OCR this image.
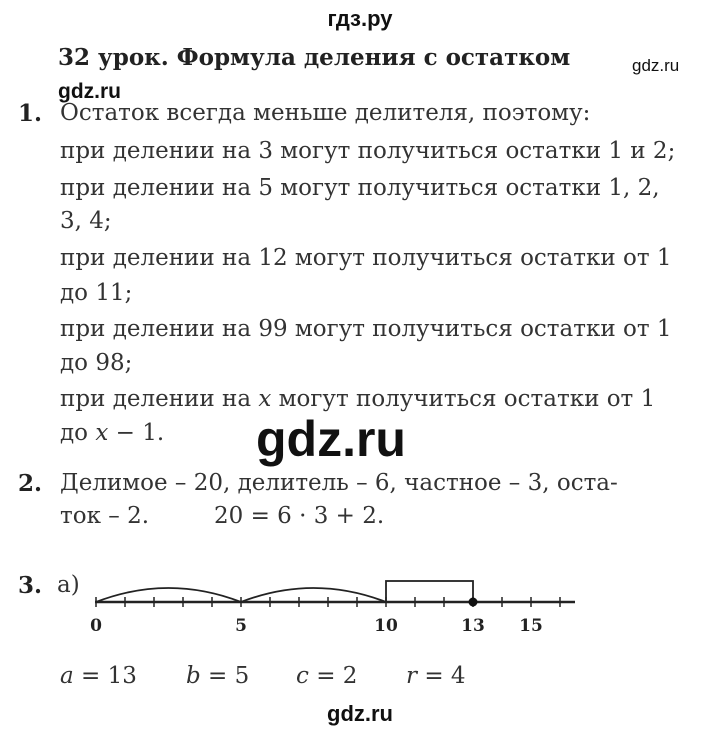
гдз.ру
gdz.ru
gdz.ru
32 урок. Формула деления с остатком
1. Остаток всегда меньше делителя, поэтому:
при делении на 3 могут получиться остатки 1 и 2;
при делении на 5 могут получиться остатки 1, 2,
3, 4;
при делении на 12 могут получиться остатки от 1
до 11;
при делении на 99 могут получиться остатки от 1
до 98;
при делении на x могут получиться остатки от 1
до x − 1. gdz.ru
2. Делимое – 20, делитель – 6, частное – 3, оста-
ток – 2.	20 = 6 · 3 + 2.
3. а)
0	5	10	13 15
a = 13 b = 5 c = 2 r = 4
gdz.ru
